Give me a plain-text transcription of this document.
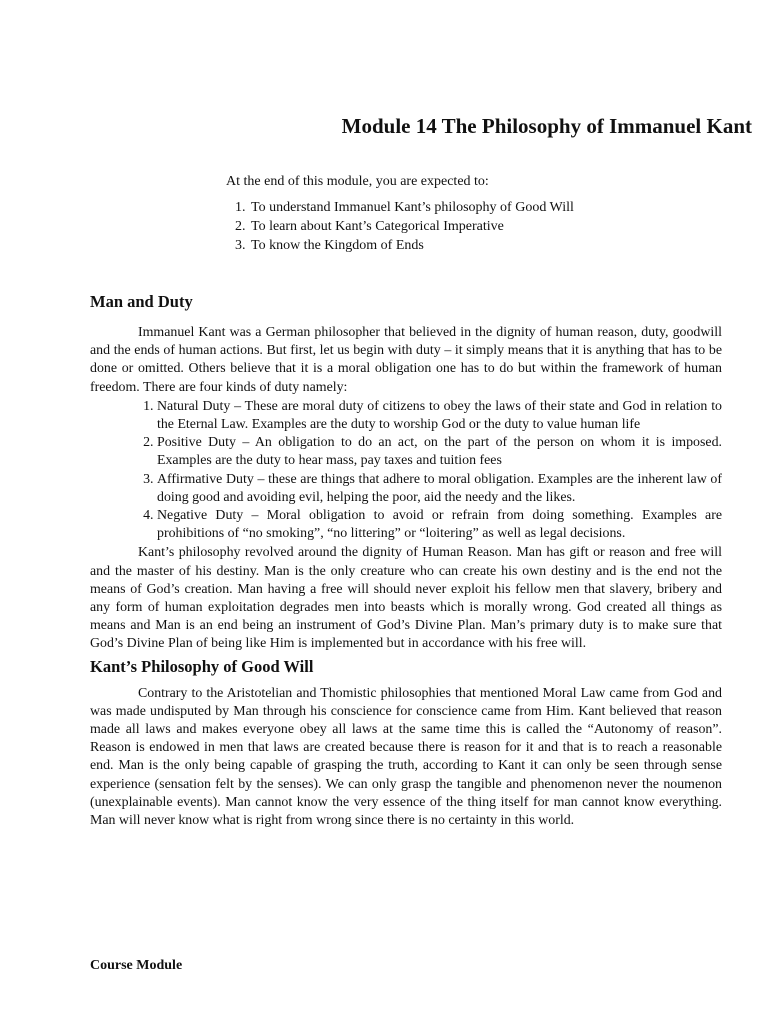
Module 14 The Philosophy of Immanuel Kant

At the end of this module, you are expected to:

1. To understand Immanuel Kant’s philosophy of Good Will
2. To learn about Kant’s Categorical Imperative
3. To know the Kingdom of Ends
Man and Duty

Immanuel Kant was a German philosopher that believed in the dignity of human reason, duty, goodwill and the ends of human actions. But first, let us begin with duty – it simply means that it is anything that has to be done or omitted. Others believe that it is a moral obligation one has to do but within the framework of human freedom. There are four kinds of duty namely:

1. Natural Duty – These are moral duty of citizens to obey the laws of their state and God in relation to the Eternal Law. Examples are the duty to worship God or the duty to value human life
2. Positive Duty – An obligation to do an act, on the part of the person on whom it is imposed. Examples are the duty to hear mass, pay taxes and tuition fees
3. Affirmative Duty – these are things that adhere to moral obligation. Examples are the inherent law of doing good and avoiding evil, helping the poor, aid the needy and the likes.
4. Negative Duty – Moral obligation to avoid or refrain from doing something. Examples are prohibitions of “no smoking”, “no littering” or “loitering” as well as legal decisions.

Kant’s philosophy revolved around the dignity of Human Reason. Man has gift or reason and free will and the master of his destiny. Man is the only creature who can create his own destiny and is the end not the means of God’s creation. Man having a free will should never exploit his fellow men that slavery, bribery and any form of human exploitation degrades men into beasts which is morally wrong. God created all things as means and Man is an end being an instrument of God’s Divine Plan. Man’s primary duty is to make sure that God’s Divine Plan of being like Him is implemented but in accordance with his free will.

Kant’s Philosophy of Good Will

Contrary to the Aristotelian and Thomistic philosophies that mentioned Moral Law came from God and was made undisputed by Man through his conscience for conscience came from Him. Kant believed that reason made all laws and makes everyone obey all laws at the same time this is called the “Autonomy of reason”. Reason is endowed in men that laws are created because there is reason for it and that is to reach a reasonable end. Man is the only being capable of grasping the truth, according to Kant it can only be seen through sense experience (sensation felt by the senses). We can only grasp the tangible and phenomenon never the noumenon (unexplainable events). Man cannot know the very essence of the thing itself for man cannot know everything. Man will never know what is right from wrong since there is no certainty in this world.

Course Module
